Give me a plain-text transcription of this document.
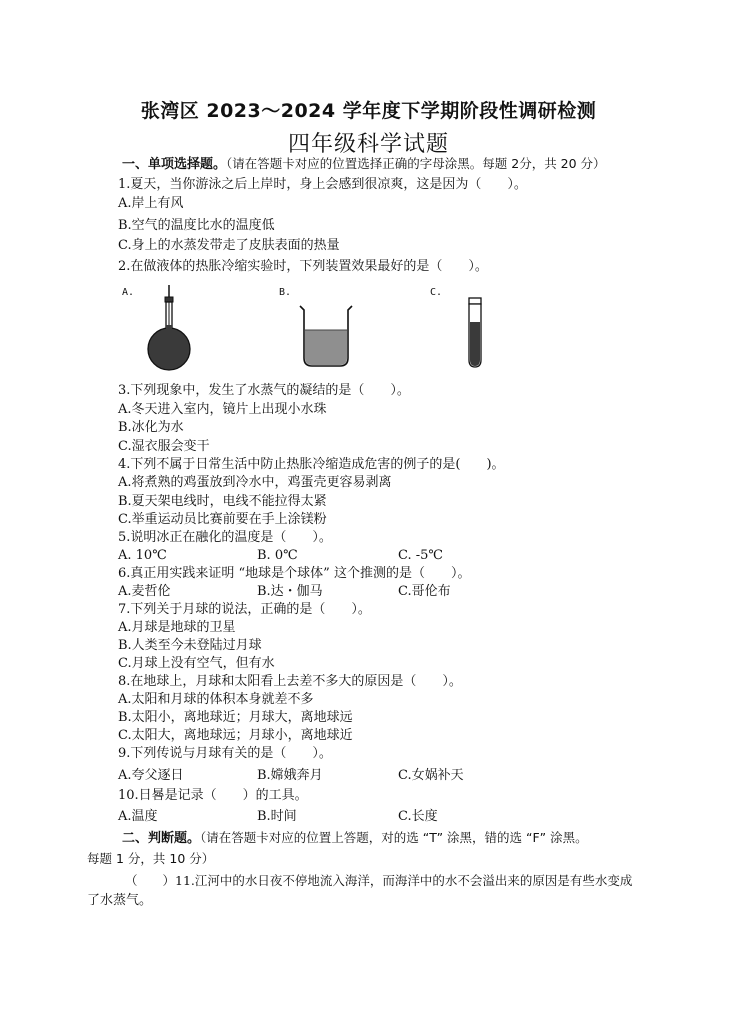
张湾区 2023～2024 学年度下学期阶段性调研检测
四年级科学试题
一、单项选择题。（请在答题卡对应的位置选择正确的字母涂黑。每题 2分，共 20 分）
1.夏天，当你游泳之后上岸时，身上会感到很凉爽，这是因为（　　）。
A.岸上有风
B.空气的温度比水的温度低
C.身上的水蒸发带走了皮肤表面的热量
2.在做液体的热胀冷缩实验时，下列装置效果最好的是（　　）。
A.	B.	C.
3.下列现象中，发生了水蒸气的凝结的是（　　）。
A.冬天进入室内，镜片上出现小水珠
B.冰化为水
C.湿衣服会变干
4.下列不属于日常生活中防止热胀冷缩造成危害的例子的是(　　)。
A.将煮熟的鸡蛋放到冷水中，鸡蛋壳更容易剥离
B.夏天架电线时，电线不能拉得太紧
C.举重运动员比赛前要在手上涂镁粉
5.说明冰正在融化的温度是（　　）。
A. 10℃	B. 0℃	C. -5℃
6.真正用实践来证明 “地球是个球体” 这个推测的是（　　）。
A.麦哲伦	B.达・伽马	C.哥伦布
7.下列关于月球的说法，正确的是（　　）。
A.月球是地球的卫星
B.人类至今未登陆过月球
C.月球上没有空气，但有水
8.在地球上，月球和太阳看上去差不多大的原因是（　　）。
A.太阳和月球的体积本身就差不多
B.太阳小，离地球近；月球大，离地球远
C.太阳大，离地球远；月球小，离地球近
9.下列传说与月球有关的是（　　）。
A.夸父逐日	B.嫦娥奔月	C.女娲补天
10.日晷是记录（　　）的工具。
A.温度	B.时间	C.长度
二、判断题。（请在答题卡对应的位置上答题，对的选 “T” 涂黑，错的选 “F” 涂黑。
每题 1 分，共 10 分）
（　　）11.江河中的水日夜不停地流入海洋，而海洋中的水不会溢出来的原因是有些水变成
了水蒸气。
